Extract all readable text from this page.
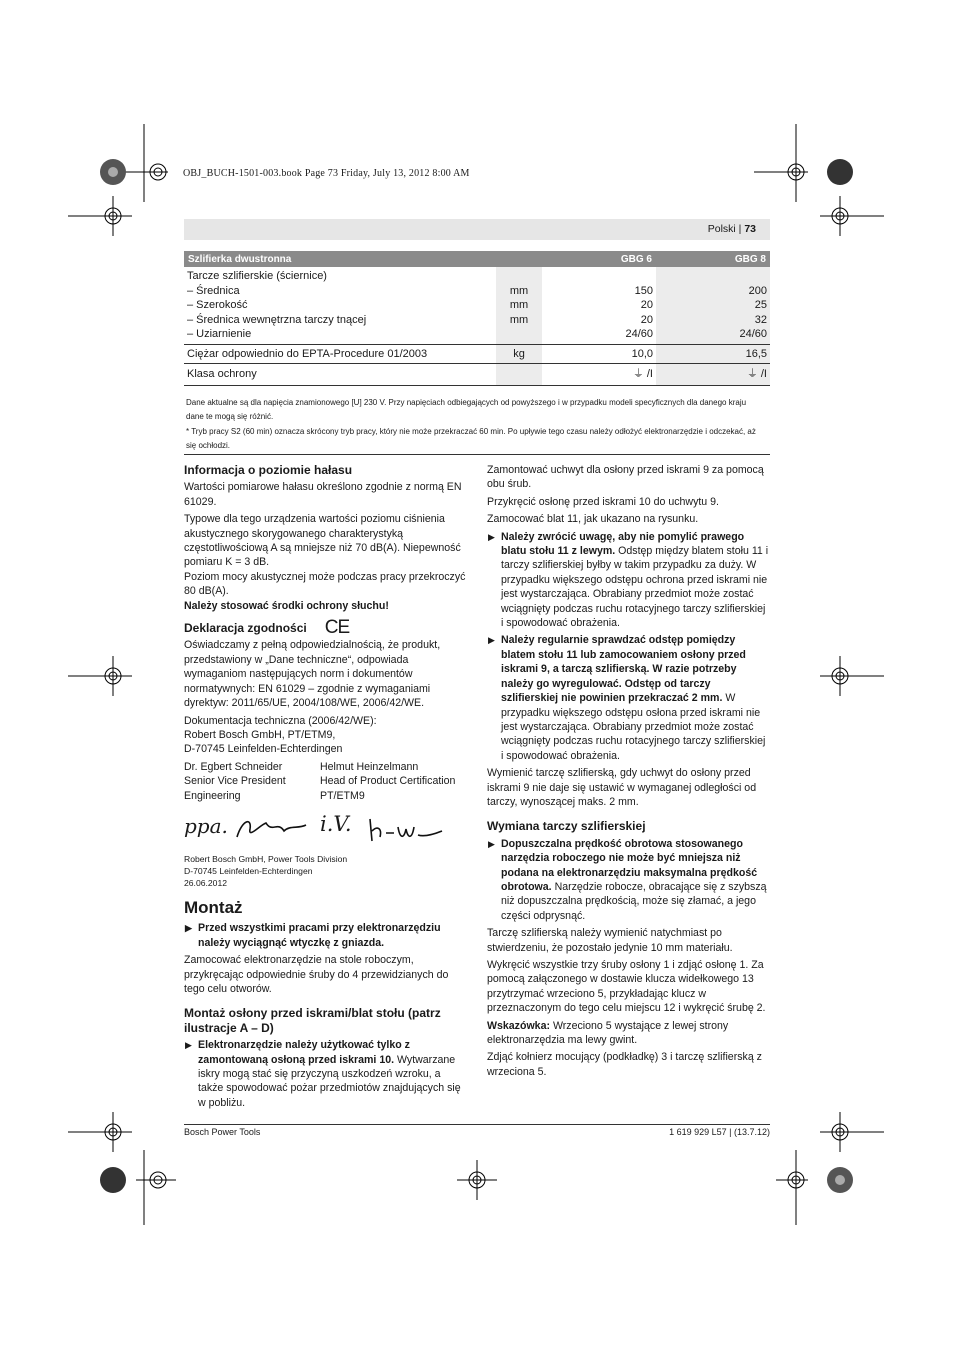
OBJ_BUCH-1501-003.book Page 73 Friday, July 13, 2012 8:00 AM
Polski | 73
Szlifierka dwustronna		GBG 6	GBG 8
Tarcze szlifierskie (ściernice)			
– Średnica	mm	150	200
– Szerokość	mm	20	25
– Średnica wewnętrzna tarczy tnącej	mm	20	32
– Uziarnienie		24/60	24/60
Ciężar odpowiednio do EPTA-Procedure 01/2003	kg	10,0	16,5
Klasa ochrony		⏚ /I	⏚ /I
Dane aktualne są dla napięcia znamionowego [U] 230 V. Przy napięciach odbiegających od powyższego i w przypadku modeli specyficznych dla danego kraju dane te mogą się różnić.
* Tryb pracy S2 (60 min) oznacza skrócony tryb pracy, który nie może przekraczać 60 min. Po upływie tego czasu należy odłożyć elektronarzędzie i odczekać, aż się ochłodzi.
Informacja o poziomie hałasu

Wartości pomiarowe hałasu określono zgodnie z normą EN 61029.

Typowe dla tego urządzenia wartości poziomu ciśnienia akustycznego skorygowanego charakterystyką częstotliwościową A są mniejsze niż 70 dB(A). Niepewność pomiaru K = 3 dB.

Poziom mocy akustycznej może podczas pracy przekroczyć 80 dB(A).

Należy stosować środki ochrony słuchu!

Deklaracja zgodności CE

Oświadczamy z pełną odpowiedzialnością, że produkt, przedstawiony w „Dane techniczne“, odpowiada wymaganiom następujących norm i dokumentów normatywnych: EN 61029 – zgodnie z wymaganiami dyrektyw: 2011/65/UE, 2004/108/WE, 2006/42/WE.

Dokumentacja techniczna (2006/42/WE):

Robert Bosch GmbH, PT/ETM9,

D-70745 Leinfelden-Echterdingen

Dr. Egbert Schneider	Helmut Heinzelmann
Senior Vice President Engineering
Head of Product Certification PT/ETM9
ppa.	i.V.
Robert Bosch GmbH, Power Tools Division
D-70745 Leinfelden-Echterdingen
26.06.2012
Montaż
▶ Przed wszystkimi pracami przy elektronarzędziu należy wyciągnąć wtyczkę z gniazda.

Zamocować elektronarzędzie na stole roboczym, przykręcając odpowiednie śruby do 4 przewidzianych do tego celu otworów.

Montaż osłony przed iskrami/blat stołu (patrz ilustracje A – D)
▶ Elektronarzędzie należy użytkować tylko z zamontowaną osłoną przed iskrami 10. Wytwarzane iskry mogą stać się przyczyną uszkodzeń wzroku, a także spowodować pożar przedmiotów znajdujących się w pobliżu.

Zamontować uchwyt dla osłony przed iskrami 9 za pomocą obu śrub.

Przykręcić osłonę przed iskrami 10 do uchwytu 9.

Zamocować blat 11, jak ukazano na rysunku.

▶ Należy zwrócić uwagę, aby nie pomylić prawego blatu stołu 11 z lewym. Odstęp między blatem stołu 11 i tarczy szlifierskiej byłby w takim przypadku za duży. W przypadku większego odstępu ochrona przed iskrami nie jest wystarczająca. Obrabiany przedmiot może zostać wciągnięty podczas ruchu rotacyjnego tarczy szlifierskiej i spowodować obrażenia.
▶ Należy regularnie sprawdzać odstęp pomiędzy blatem stołu 11 lub zamocowaniem osłony przed iskrami 9, a tarczą szlifierską. W razie potrzeby należy go wyregulować. Odstęp od tarczy szlifierskiej nie powinien przekraczać 2 mm. W przypadku większego odstępu osłona przed iskrami nie jest wystarczająca. Obrabiany przedmiot może zostać wciągnięty podczas ruchu rotacyjnego tarczy szlifierskiej i spowodować obrażenia.

Wymienić tarczę szlifierską, gdy uchwyt do osłony przed iskrami 9 nie daje się ustawić w wymaganej odległości od tarczy, wynoszącej maks. 2 mm.

Wymiana tarczy szlifierskiej
▶ Dopuszczalna prędkość obrotowa stosowanego narzędzia roboczego nie może być mniejsza niż podana na elektronarzędziu maksymalna prędkość obrotowa. Narzędzie robocze, obracające się z szybszą niż dopuszczalna prędkością, może się złamać, a jego części odprysnąć.

Tarczę szlifierską należy wymienić natychmiast po stwierdzeniu, że pozostało jedynie 10 mm materiału.

Wykręcić wszystkie trzy śruby osłony 1 i zdjąć osłonę 1. Za pomocą załączonego w dostawie klucza widełkowego 13 przytrzymać wrzeciono 5, przykładając klucz w przeznaczonym do tego celu miejscu 12 i wykręcić śrubę 2.

Wskazówka: Wrzeciono 5 wystające z lewej strony elektronarzędzia ma lewy gwint.

Zdjąć kołnierz mocujący (podkładkę) 3 i tarczę szlifierską z wrzeciona 5.

Bosch Power Tools	1 619 929 L57 | (13.7.12)
